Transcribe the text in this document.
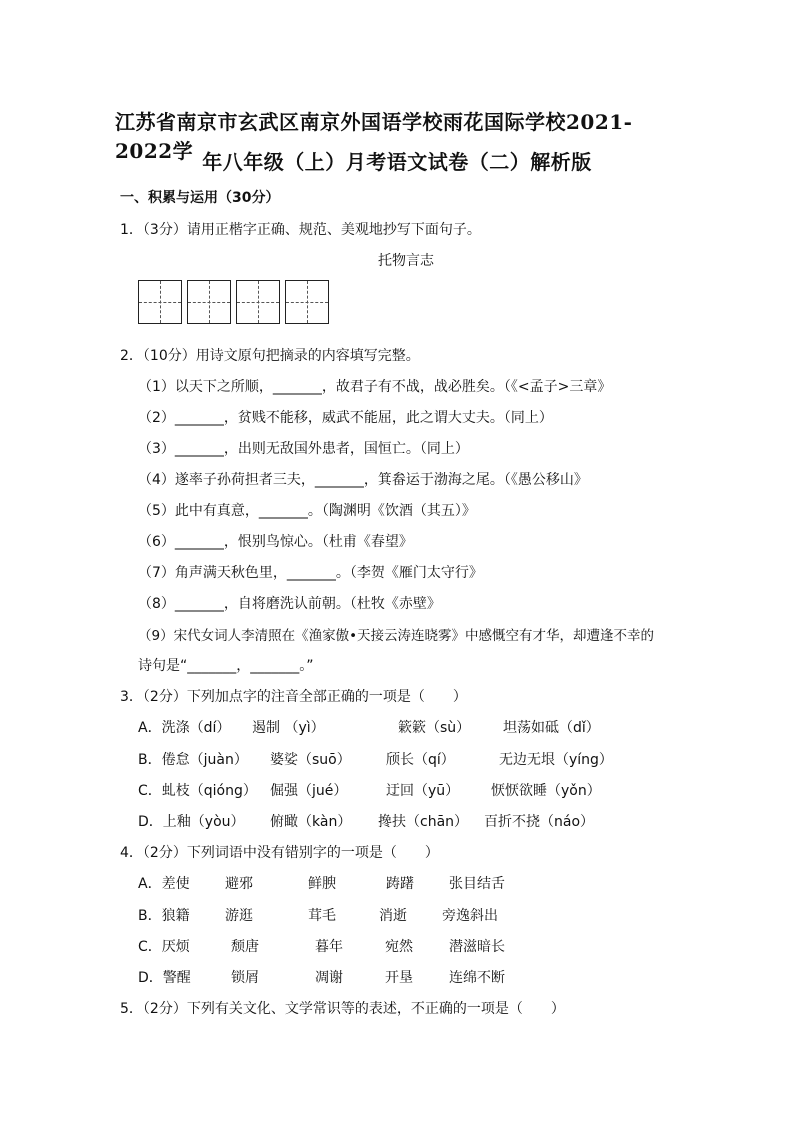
江苏省南京市玄武区南京外国语学校雨花国际学校2021-2022学 年八年级（上）月考语文试卷（二）解析版
一、积累与运用（30分）
1．（3分）请用正楷字正确、规范、美观地抄写下面句子。
托物言志
2．（10分）用诗文原句把摘录的内容填写完整。
（1）以天下之所顺，_______，故君子有不战，战必胜矣。（《<孟子>三章》
（2）_______，贫贱不能移，威武不能屈，此之谓大丈夫。（同上）
（3）_______，出则无敌国外患者，国恒亡。（同上）
（4）遂率子孙荷担者三夫，_______，箕畚运于渤海之尾。（《愚公移山》
（5）此中有真意，_______。（陶渊明《饮酒（其五）》
（6）_______，恨别鸟惊心。（杜甫《春望》
（7）角声满天秋色里，_______。（李贺《雁门太守行》
（8）_______，自将磨洗认前朝。（杜牧《赤壁》
（9）宋代女词人李清照在《渔家傲•天接云涛连晓雾》中感慨空有才华，却遭逢不幸的
诗句是“_______，_______。”
3．（2分）下列加点字的注音全部正确的一项是（　　）
A．洗涤（dí） 遏制 （yì）	簌簌（sù） 坦荡如砥（dǐ）
B．倦怠（juàn） 婆娑（suō）	颀长（qí）	无边无垠（yíng）
C．虬枝（qióng） 倔强（jué）	迂回（yū） 恹恹欲睡（yǒn）
D．上釉（yòu） 俯瞰（kàn） 搀扶（chān） 百折不挠（náo）
4．（2分）下列词语中没有错别字的一项是（　　）
A．差使	避邪	鲜腴	踌躇	张目结舌
B．狼籍	游逛	茸毛	消逝	旁逸斜出
C．厌烦	颓唐	暮年	宛然	潜滋暗长
D．警醒	锁屑	凋谢	开垦	连绵不断
5．（2分）下列有关文化、文学常识等的表述，不正确的一项是（　　）
